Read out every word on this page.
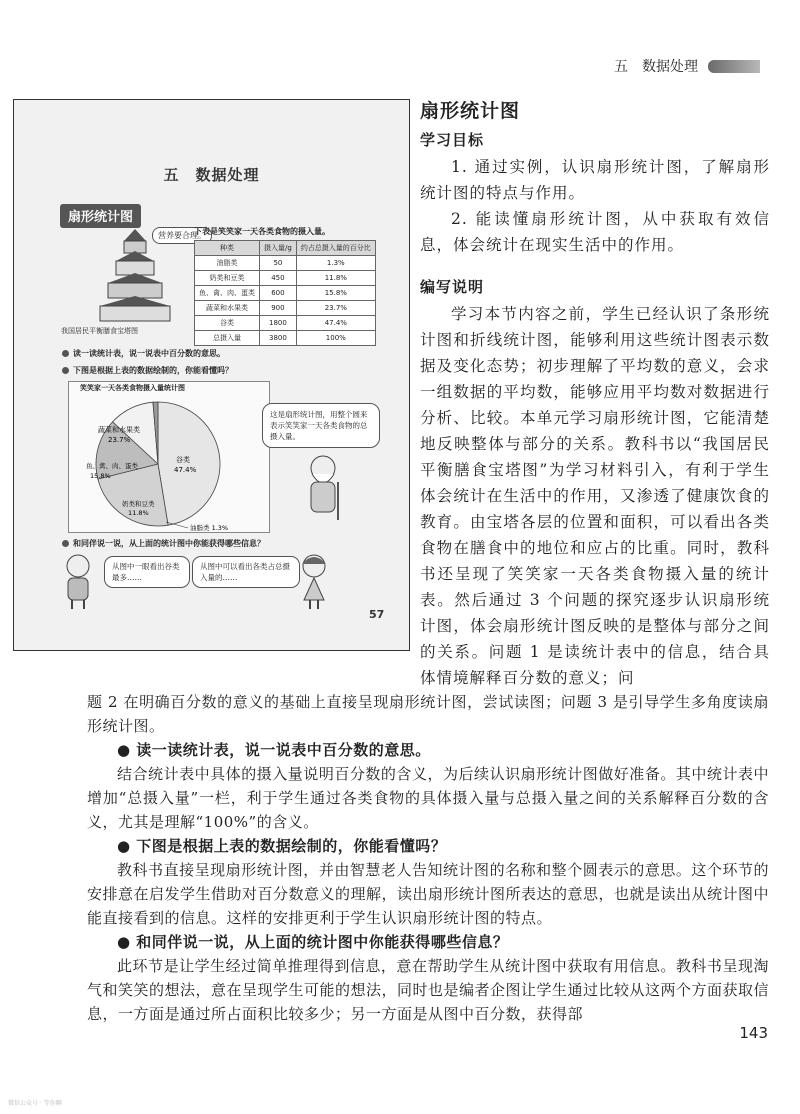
五　数据处理
五　数据处理
扇形统计图
营养要合理。
我国居民平衡膳食宝塔图
下表是笑笑家一天各类食物的摄入量。
种类	摄入量/g	约占总摄入量的百分比
油脂类	50	1.3%
奶类和豆类	450	11.8%
鱼、禽、肉、蛋类	600	15.8%
蔬菜和水果类	900	23.7%
谷类	1800	47.4%
总摄入量	3800	100%
读一读统计表，说一说表中百分数的意思。
下图是根据上表的数据绘制的，你能看懂吗？
笑笑家一天各类食物摄入量统计图
蔬菜和水果类
23.7%
谷类
47.4%
鱼、禽、肉、蛋类
15.8%
奶类和豆类
11.8%
油脂类 1.3%
这是扇形统计图，用整个圆来表示笑笑家一天各类食物的总摄入量。
和同伴说一说，从上面的统计图中你能获得哪些信息？
从图中一眼看出谷类最多……
从图中可以看出各类占总摄入量的……
57
扇形统计图
学习目标

1. 通过实例，认识扇形统计图，了解扇形统计图的特点与作用。

2. 能读懂扇形统计图，从中获取有效信息，体会统计在现实生活中的作用。

编写说明

学习本节内容之前，学生已经认识了条形统计图和折线统计图，能够利用这些统计图表示数据及变化态势；初步理解了平均数的意义，会求一组数据的平均数，能够应用平均数对数据进行分析、比较。本单元学习扇形统计图，它能清楚地反映整体与部分的关系。教科书以“我国居民平衡膳食宝塔图”为学习材料引入，有利于学生体会统计在生活中的作用，又渗透了健康饮食的教育。由宝塔各层的位置和面积，可以看出各类食物在膳食中的地位和应占的比重。同时，教科书还呈现了笑笑家一天各类食物摄入量的统计表。然后通过 3 个问题的探究逐步认识扇形统计图，体会扇形统计图反映的是整体与部分之间的关系。问题 1 是读统计表中的信息，结合具体情境解释百分数的意义；问

题 2 在明确百分数的意义的基础上直接呈现扇形统计图，尝试读图；问题 3 是引导学生多角度读扇形统计图。

● 读一读统计表，说一说表中百分数的意思。

结合统计表中具体的摄入量说明百分数的含义，为后续认识扇形统计图做好准备。其中统计表中增加“总摄入量”一栏，利于学生通过各类食物的具体摄入量与总摄入量之间的关系解释百分数的含义，尤其是理解“100%”的含义。

● 下图是根据上表的数据绘制的，你能看懂吗？

教科书直接呈现扇形统计图，并由智慧老人告知统计图的名称和整个圆表示的意思。这个环节的安排意在启发学生借助对百分数意义的理解，读出扇形统计图所表达的意思，也就是读出从统计图中能直接看到的信息。这样的安排更利于学生认识扇形统计图的特点。

● 和同伴说一说，从上面的统计图中你能获得哪些信息？

此环节是让学生经过简单推理得到信息，意在帮助学生从统计图中获取有用信息。教科书呈现淘气和笑笑的想法，意在呈现学生可能的想法，同时也是编者企图让学生通过比较从这两个方面获取信息，一方面是通过所占面积比较多少；另一方面是从图中百分数，获得部

143
微信公众号 · 等你聊
